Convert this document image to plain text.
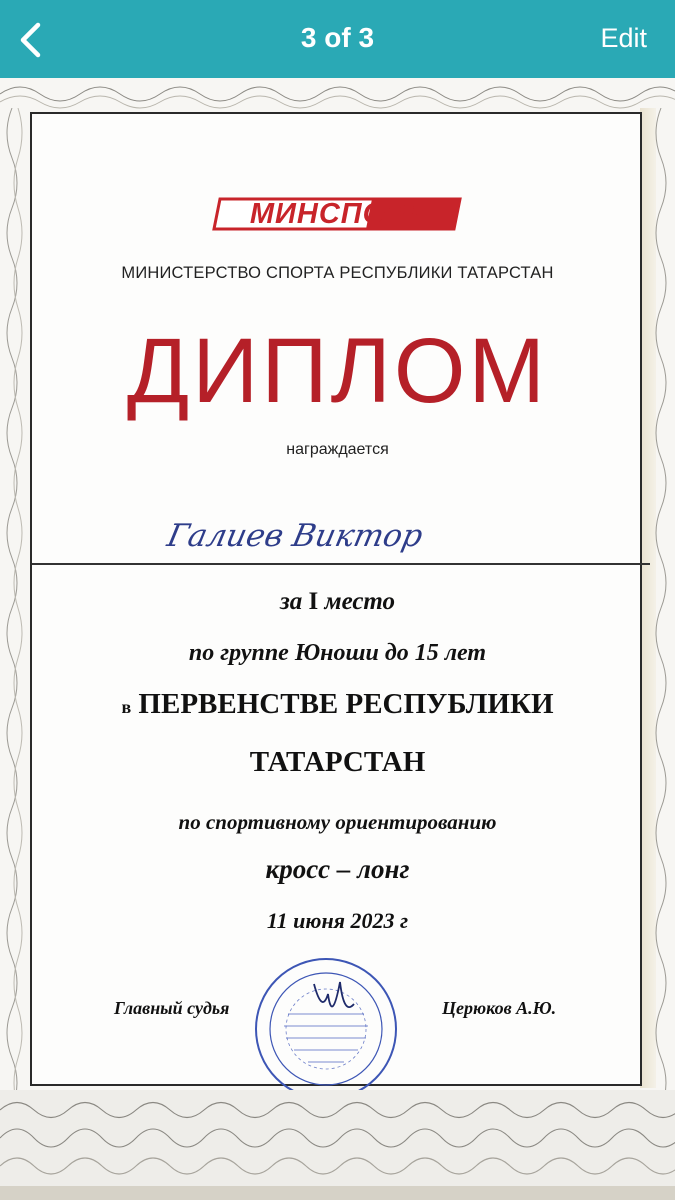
3 of 3	Edit
МИНСПОРТ
МИНИСТЕРСТВО СПОРТА РЕСПУБЛИКИ ТАТАРСТАН
ДИПЛОМ
награждается
Галиев Виктор
за I место
по группе Юноши до 15 лет
в ПЕРВЕНСТВЕ РЕСПУБЛИКИ
ТАТАРСТАН
по спортивному ориентированию
кросс – лонг
11 июня 2023 г
Главный судья	Церюков А.Ю.
